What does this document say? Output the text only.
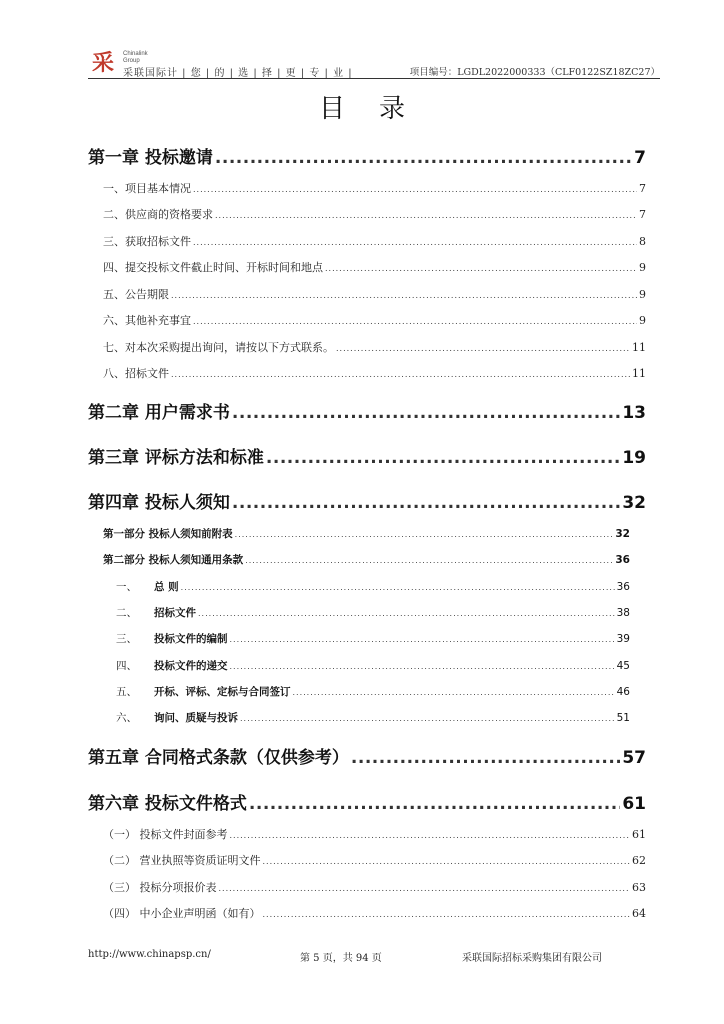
采	Chinalink
Group
采联国际计 | 您 | 的 | 选 | 择 | 更 | 专 | 业 |	项目编号：LGDL2022000333（CLF0122SZ18ZC27）
目录
第一章 投标邀请 .....	7
一、项目基本情况 .....	7
二、供应商的资格要求 .....	7
三、获取招标文件 .....	8
四、提交投标文件截止时间、开标时间和地点 .....	9
五、公告期限 .....	9
六、其他补充事宜 .....	9
七、对本次采购提出询问，请按以下方式联系。 .....	11
八、招标文件 .....	11
第二章 用户需求书 .....	13
第三章 评标方法和标准 .....	19
第四章 投标人须知 .....	32
第一部分 投标人须知前附表 .....	32
第二部分 投标人须知通用条款 .....	36
一、 总 则 .....	36
二、 招标文件 .....	38
三、 投标文件的编制 .....	39
四、 投标文件的递交 .....	45
五、 开标、评标、定标与合同签订 .....	46
六、 询问、质疑与投诉 .....	51
第五章 合同格式条款（仅供参考） .....	57
第六章 投标文件格式 .....	61
（一） 投标文件封面参考 .....	61
（二） 营业执照等资质证明文件 .....	62
（三） 投标分项报价表 .....	63
（四） 中小企业声明函（如有） .....	64
http://www.chinapsp.cn/	第 5 页，共 94 页	采联国际招标采购集团有限公司
